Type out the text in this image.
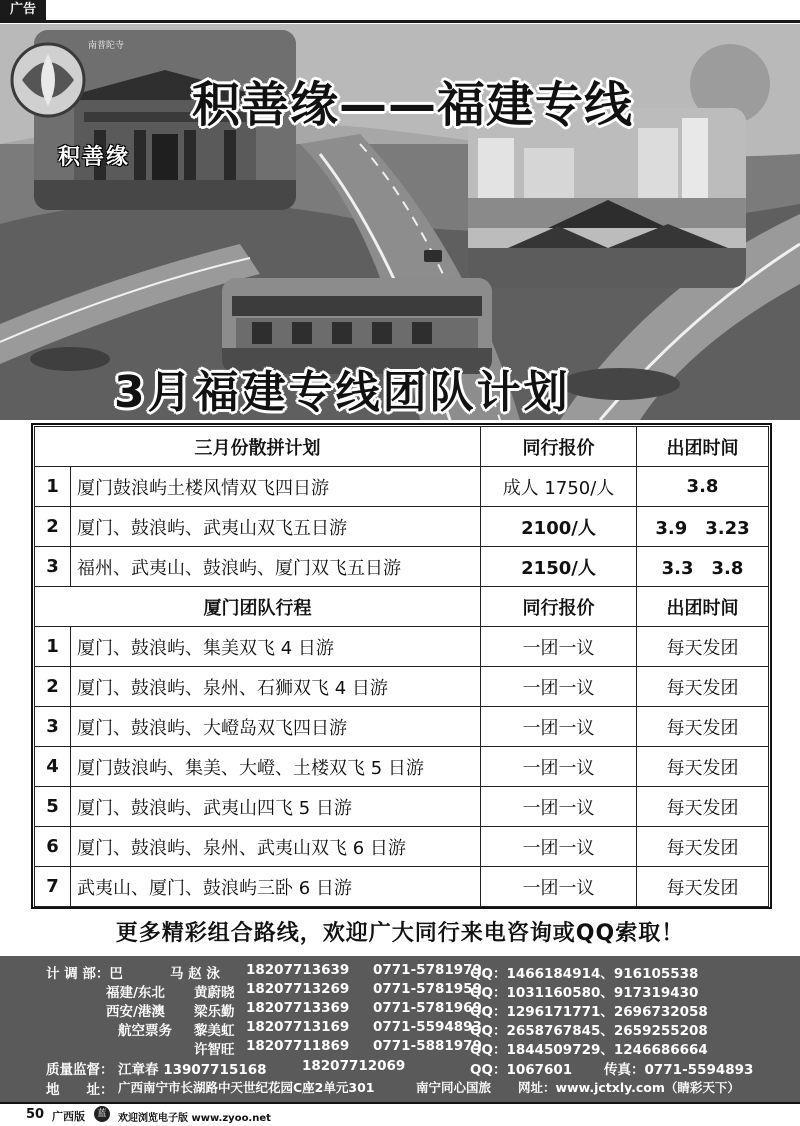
广告
南普陀寺
积善缘
积善缘——福建专线
3月福建专线团队计划
三月份散拼计划		同行报价	出团时间
1	厦门鼓浪屿土楼风情双飞四日游	成人 1750/人	3.8
2	厦门、鼓浪屿、武夷山双飞五日游	2100/人	3.9　3.23
3	福州、武夷山、鼓浪屿、厦门双飞五日游	2150/人	3.3　3.8
厦门团队行程		同行报价	出团时间
1	厦门、鼓浪屿、集美双飞 4 日游	一团一议	每天发团
2	厦门、鼓浪屿、泉州、石狮双飞 4 日游	一团一议	每天发团
3	厦门、鼓浪屿、大嶝岛双飞四日游	一团一议	每天发团
4	厦门鼓浪屿、集美、大嶝、土楼双飞 5 日游	一团一议	每天发团
5	厦门、鼓浪屿、武夷山四飞 5 日游	一团一议	每天发团
6	厦门、鼓浪屿、泉州、武夷山双飞 6 日游	一团一议	每天发团
7	武夷山、厦门、鼓浪屿三卧 6 日游	一团一议	每天发团
更多精彩组合路线，欢迎广大同行来电咨询或QQ索取！
计 调 部：巴	马 赵 泳 18207713639 0771-5781979
QQ：1466184914、916105538
福建/东北 黄蔚晓 18207713269 0771-5781959
QQ：1031160580、917319430
西安/港澳 梁乐勤 18207713369 0771-5781969
QQ：1296171771、2696732058
航空票务 黎美虹 18207713169 0771-5594893
QQ：2658767845、2659255208
许智旺 18207711869 0771-5881979
QQ：1844509729、1246686664
质量监督： 江章春 13907715168	18207712069	QQ：1067601 传真：0771-5594893
地　　址： 广西南宁市长湖路中天世纪花园C座2单元301	南宁同心国旅 网址：www.jctxly.com（睛彩天下）
50 广西版	蓝	欢迎浏览电子版 www.zyoo.net
